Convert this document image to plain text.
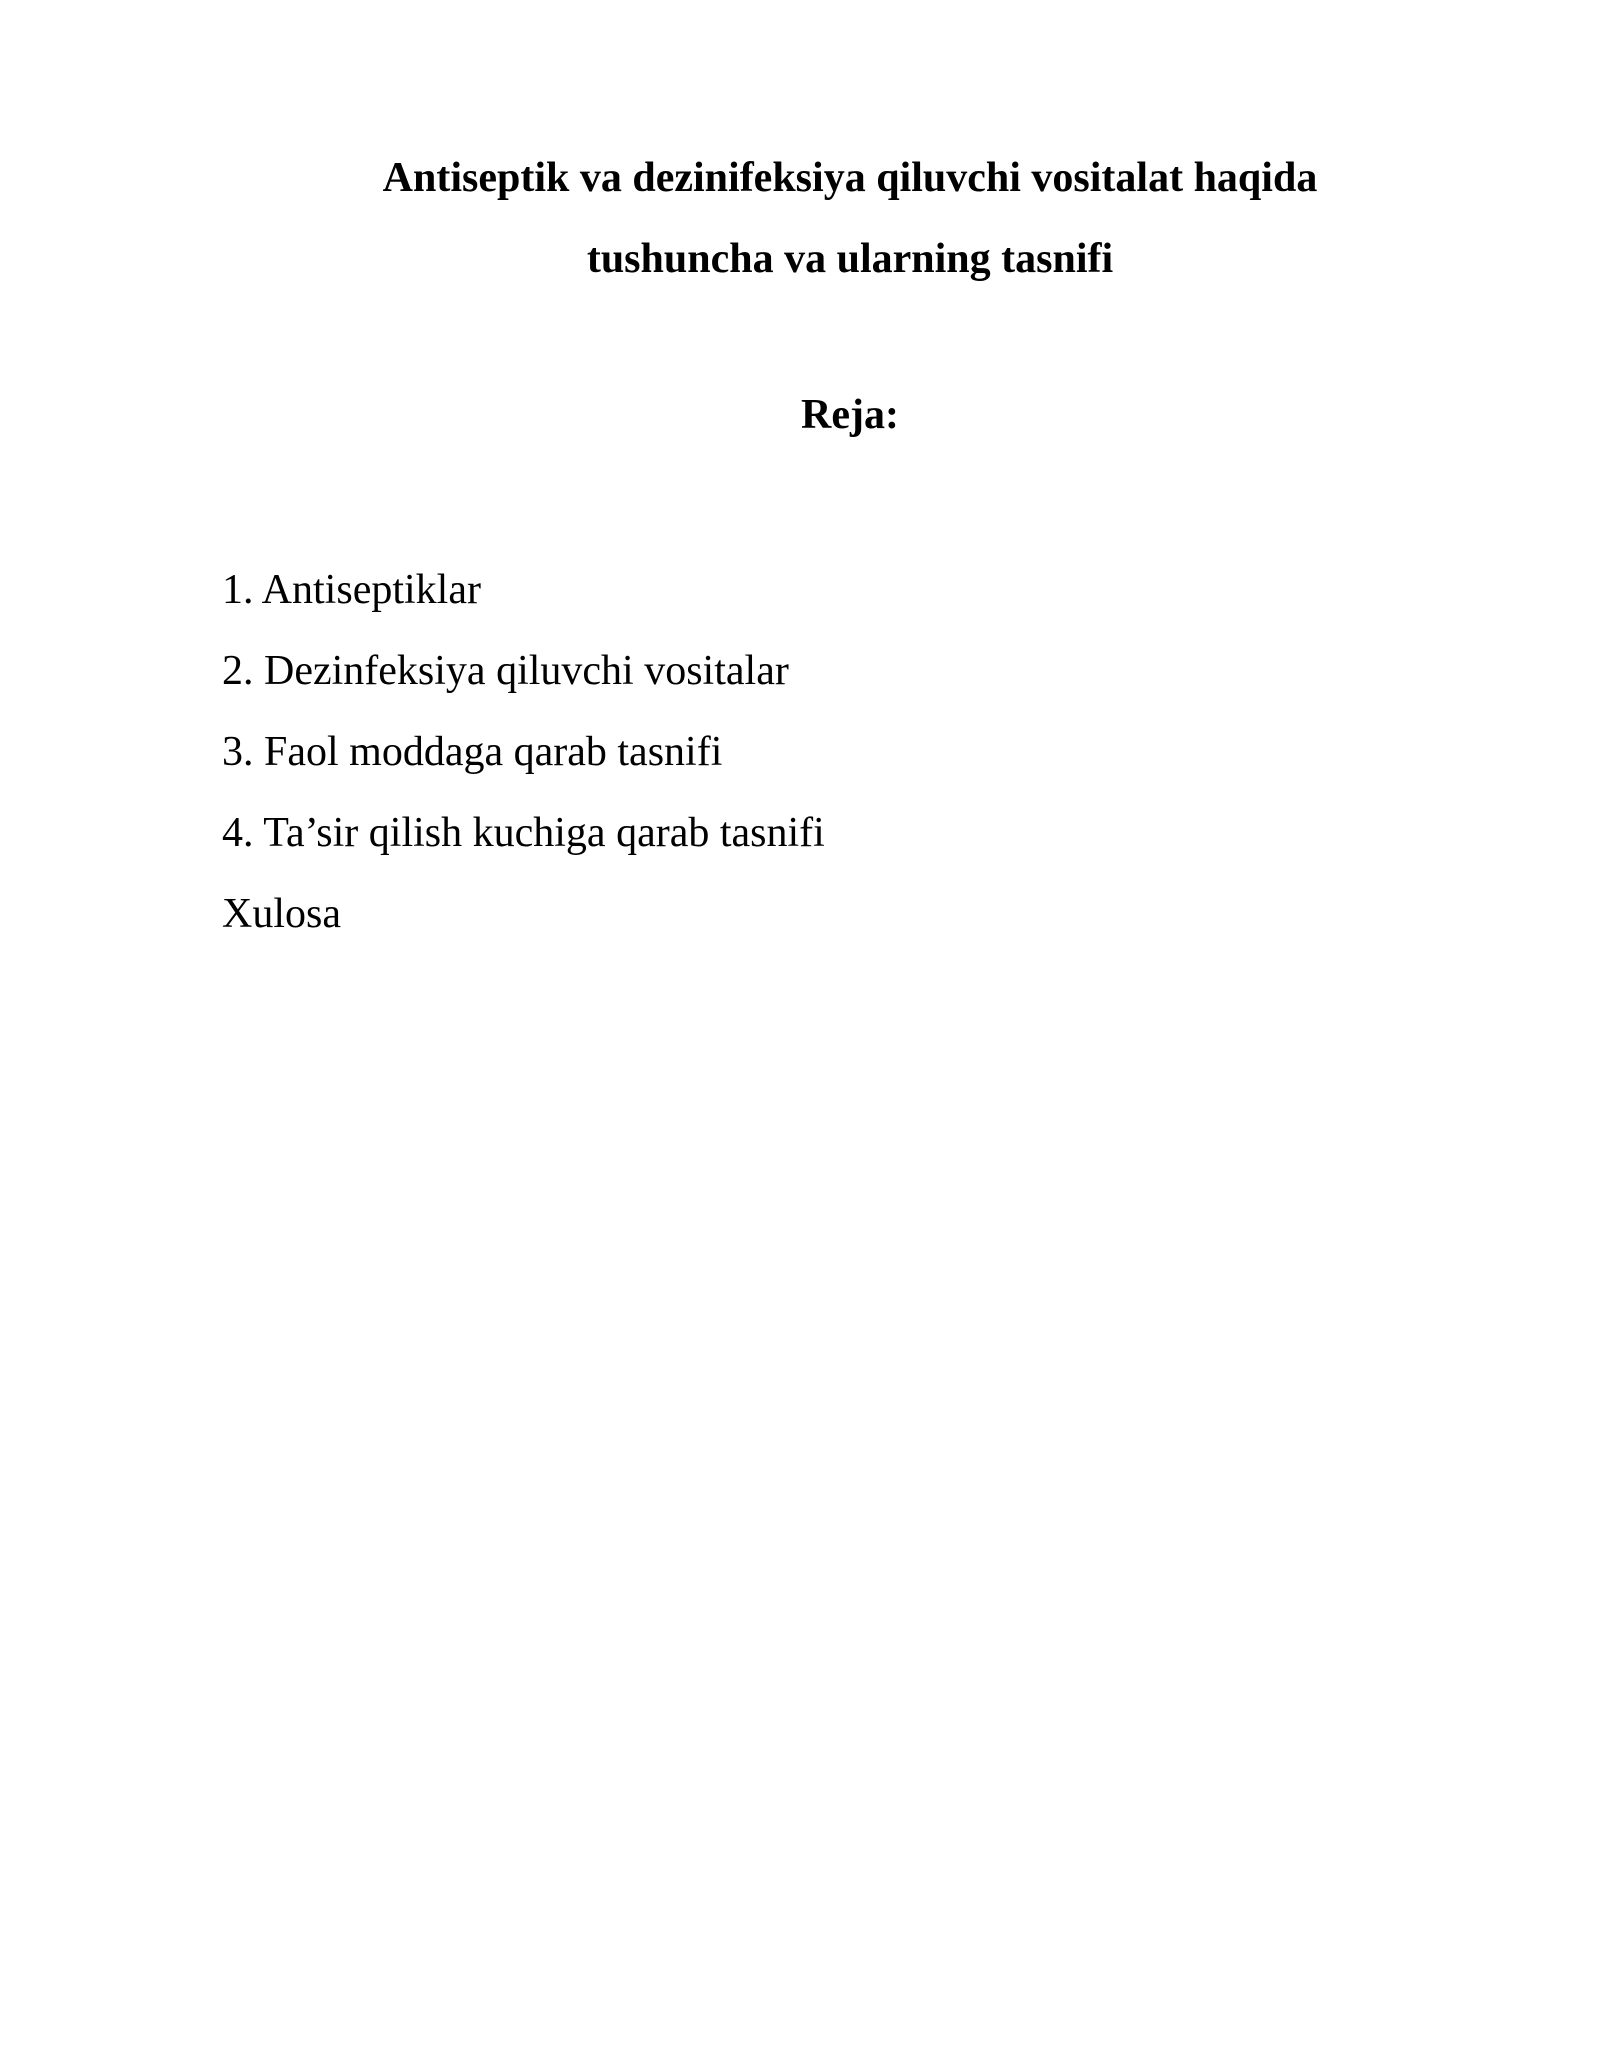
Antiseptik va dezinifeksiya qiluvchi vositalat haqida
tushuncha va ularning tasnifi
Reja:
1. Antiseptiklar
2. Dezinfeksiya qiluvchi vositalar
3. Faol moddaga qarab tasnifi
4. Ta’sir qilish kuchiga qarab tasnifi
Xulosa
